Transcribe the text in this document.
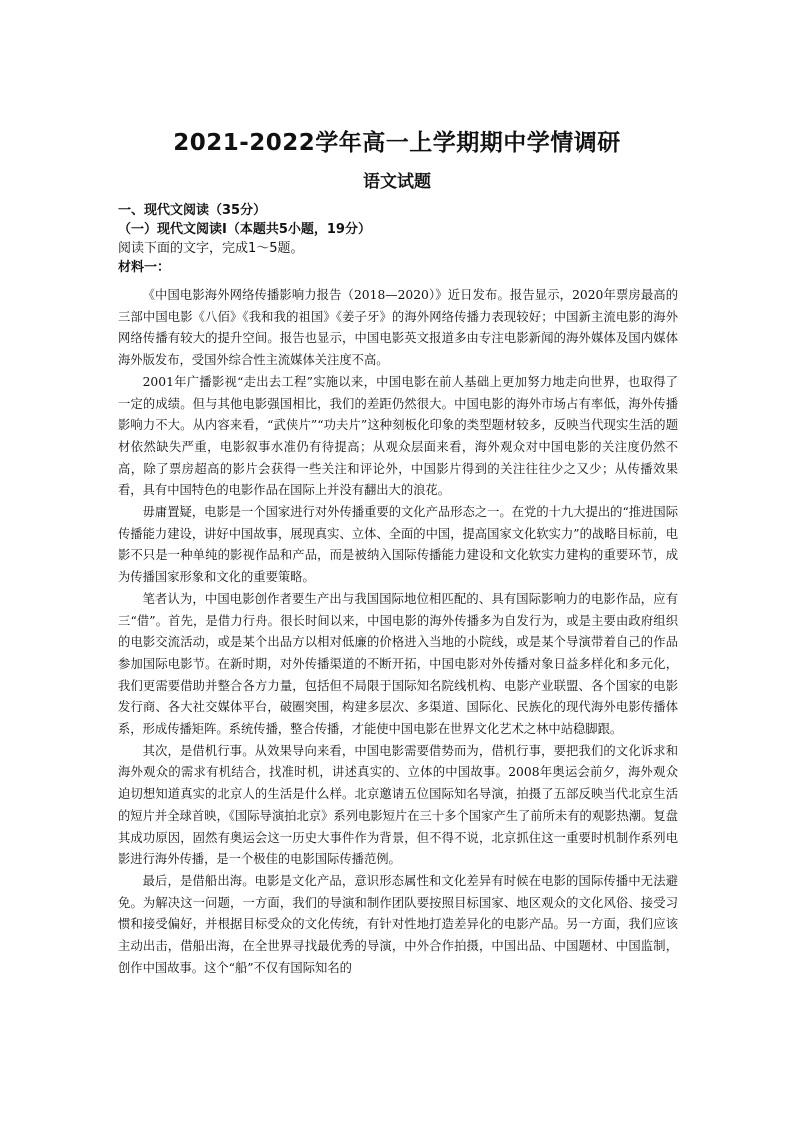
2021-2022学年高一上学期期中学情调研
语文试题
一、现代文阅读（35分）
（一）现代文阅读Ⅰ（本题共5小题，19分）
阅读下面的文字，完成1～5题。
材料一：

《中国电影海外网络传播影响力报告（2018—2020）》近日发布。报告显示，2020年票房最高的三部中国电影《八佰》《我和我的祖国》《姜子牙》的海外网络传播力表现较好；中国新主流电影的海外网络传播有较大的提升空间。报告也显示，中国电影英文报道多由专注电影新闻的海外媒体及国内媒体海外版发布，受国外综合性主流媒体关注度不高。

2001年广播影视“走出去工程”实施以来，中国电影在前人基础上更加努力地走向世界，也取得了一定的成绩。但与其他电影强国相比，我们的差距仍然很大。中国电影的海外市场占有率低，海外传播影响力不大。从内容来看，“武侠片”“功夫片”这种刻板化印象的类型题材较多，反映当代现实生活的题材依然缺失严重，电影叙事水准仍有待提高；从观众层面来看，海外观众对中国电影的关注度仍然不高，除了票房超高的影片会获得一些关注和评论外，中国影片得到的关注往往少之又少；从传播效果看，具有中国特色的电影作品在国际上并没有翻出大的浪花。

毋庸置疑，电影是一个国家进行对外传播重要的文化产品形态之一。在党的十九大提出的“推进国际传播能力建设，讲好中国故事，展现真实、立体、全面的中国，提高国家文化软实力”的战略目标前，电影不只是一种单纯的影视作品和产品，而是被纳入国际传播能力建设和文化软实力建构的重要环节，成为传播国家形象和文化的重要策略。

笔者认为，中国电影创作者要生产出与我国国际地位相匹配的、具有国际影响力的电影作品，应有三“借”。首先，是借力行舟。很长时间以来，中国电影的海外传播多为自发行为，或是主要由政府组织的电影交流活动，或是某个出品方以相对低廉的价格进入当地的小院线，或是某个导演带着自己的作品参加国际电影节。在新时期，对外传播渠道的不断开拓，中国电影对外传播对象日益多样化和多元化，我们更需要借助并整合各方力量，包括但不局限于国际知名院线机构、电影产业联盟、各个国家的电影发行商、各大社交媒体平台，破圈突围，构建多层次、多渠道、国际化、民族化的现代海外电影传播体系，形成传播矩阵。系统传播，整合传播，才能使中国电影在世界文化艺术之林中站稳脚跟。

其次，是借机行事。从效果导向来看，中国电影需要借势而为，借机行事，要把我们的文化诉求和海外观众的需求有机结合，找准时机，讲述真实的、立体的中国故事。2008年奥运会前夕，海外观众迫切想知道真实的北京人的生活是什么样。北京邀请五位国际知名导演，拍摄了五部反映当代北京生活的短片并全球首映，《国际导演拍北京》系列电影短片在三十多个国家产生了前所未有的观影热潮。复盘其成功原因，固然有奥运会这一历史大事件作为背景，但不得不说，北京抓住这一重要时机制作系列电影进行海外传播，是一个极佳的电影国际传播范例。

最后，是借船出海。电影是文化产品，意识形态属性和文化差异有时候在电影的国际传播中无法避免。为解决这一问题，一方面，我们的导演和制作团队要按照目标国家、地区观众的文化风俗、接受习惯和接受偏好，并根据目标受众的文化传统，有针对性地打造差异化的电影产品。另一方面，我们应该主动出击，借船出海，在全世界寻找最优秀的导演，中外合作拍摄，中国出品、中国题材、中国监制，创作中国故事。这个“船”不仅有国际知名的
